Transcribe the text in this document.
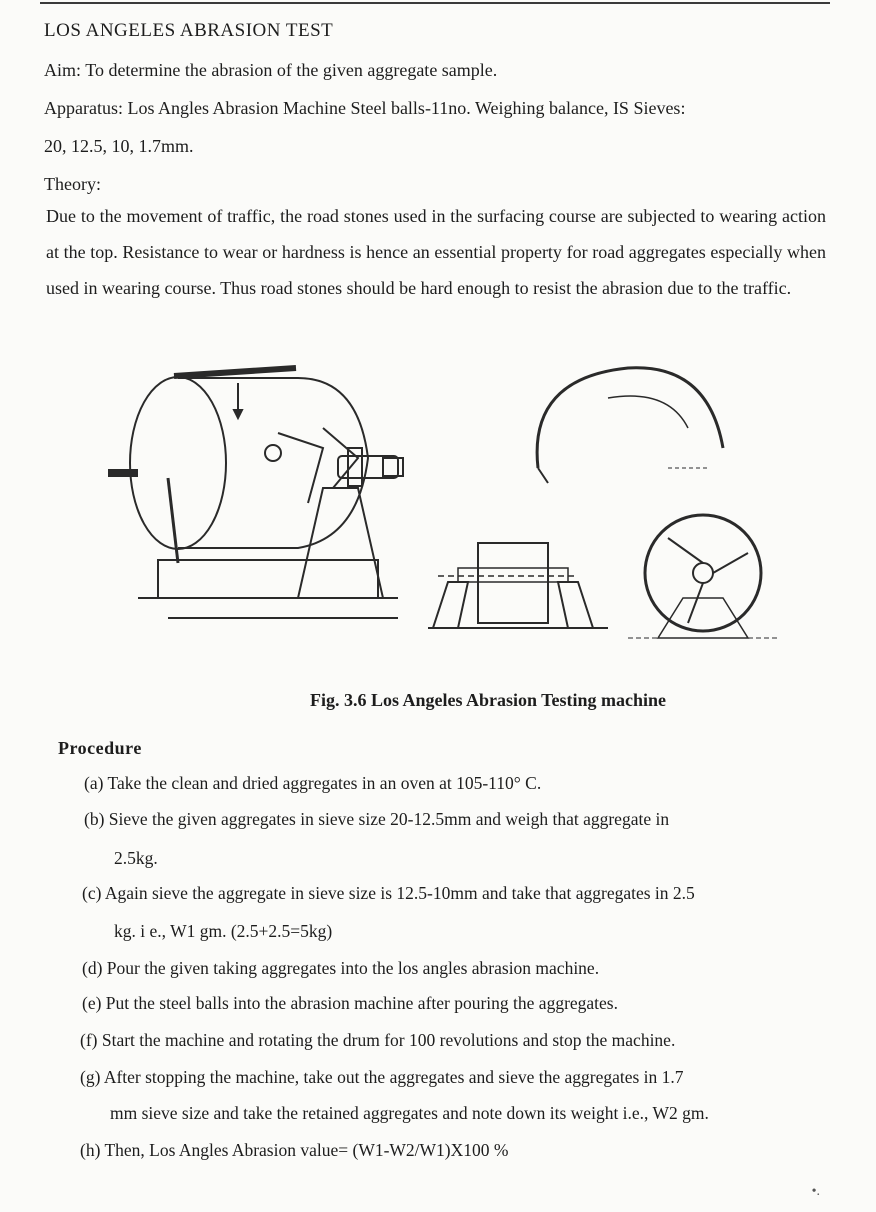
LOS ANGELES ABRASION TEST
Aim: To determine the abrasion of the given aggregate sample.
Apparatus: Los Angles Abrasion Machine Steel balls-11no. Weighing balance, IS Sieves:
20, 12.5, 10, 1.7mm.
Theory:
Due to the movement of traffic, the road stones used in the surfacing course are subjected to wearing action at the top. Resistance to wear or hardness is hence an essential property for road aggregates especially when used in wearing course. Thus road stones should be hard enough to resist the abrasion due to the traffic.
Fig. 3.6 Los Angeles Abrasion Testing machine
Procedure
(a) Take the clean and dried aggregates in an oven at 105-110° C.
(b) Sieve the given aggregates in sieve size 20-12.5mm and weigh that aggregate in
2.5kg.
(c) Again sieve the aggregate in sieve size is 12.5-10mm and take that aggregates in 2.5
kg. i e., W1 gm. (2.5+2.5=5kg)
(d) Pour the given taking aggregates into the los angles abrasion machine.
(e) Put the steel balls into the abrasion machine after pouring the aggregates.
(f) Start the machine and rotating the drum for 100 revolutions and stop the machine.
(g) After stopping the machine, take out the aggregates and sieve the aggregates in 1.7
mm sieve size and take the retained aggregates and note down its weight i.e., W2 gm.
(h) Then, Los Angles Abrasion value= (W1-W2/W1)X100 %
•.
